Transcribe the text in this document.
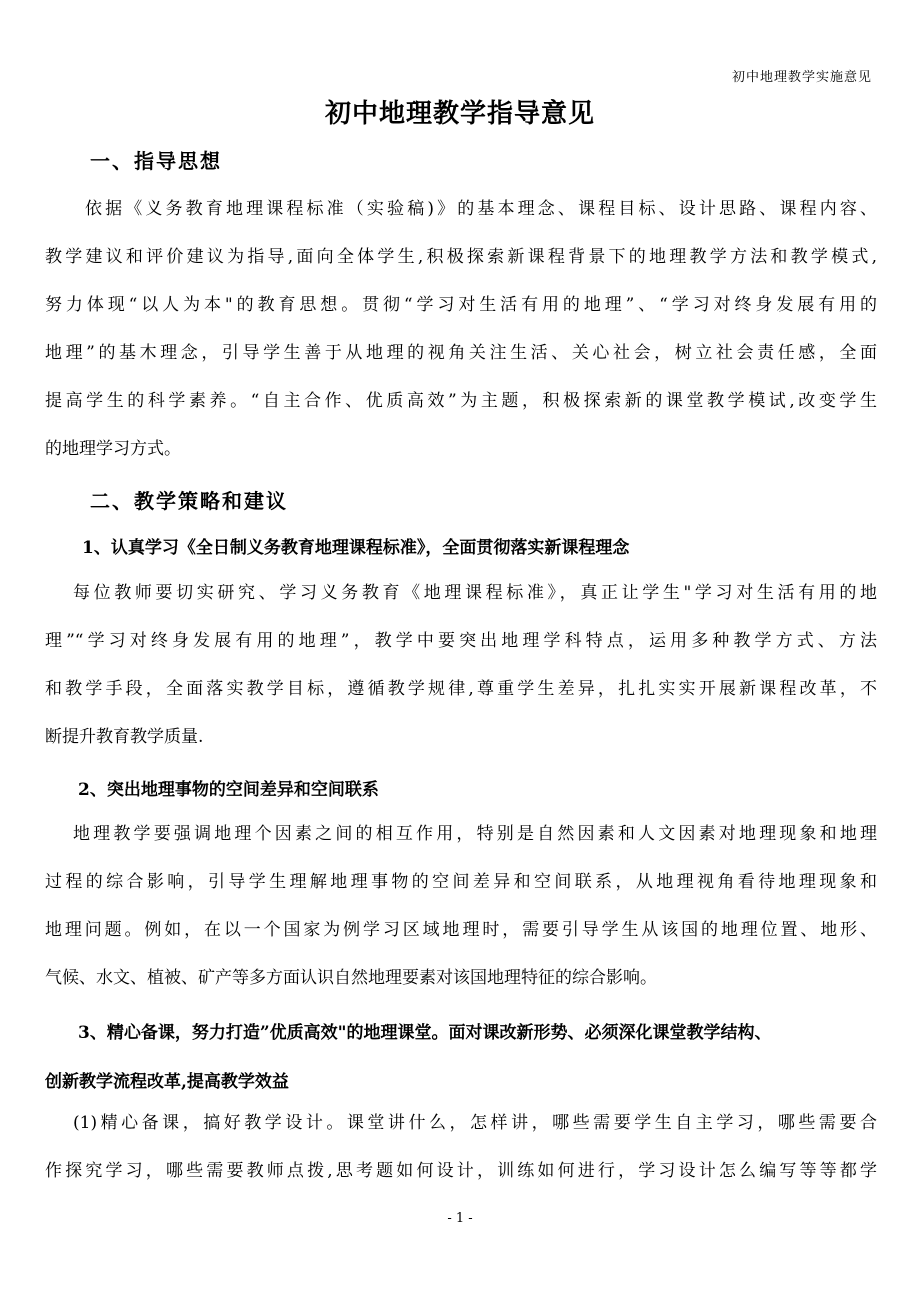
初中地理教学实施意见
初中地理教学指导意见
一、指导思想
依据《义务教育地理课程标准（实验稿)》的基本理念、课程目标、设计思路、课程内容、
教学建议和评价建议为指导,面向全体学生,积极探索新课程背景下的地理教学方法和教学模式,
努力体现“以人为本"的教育思想。贯彻“学习对生活有用的地理”、“学习对终身发展有用的
地理”的基木理念，引导学生善于从地理的视角关注生活、关心社会，树立社会责任感，全面
提高学生的科学素养。“自主合作、优质高效”为主题，积极探索新的课堂教学模试,改变学生
的地理学习方式。
二、教学策略和建议
1、认真学习《全日制义务教育地理课程标准》，全面贯彻落实新课程理念
每位教师要切实研究、学习义务教育《地理课程标准》，真正让学生"学习对生活有用的地
理”“学习对终身发展有用的地理”，教学中要突出地理学科特点，运用多种教学方式、方法
和教学手段，全面落实教学目标，遵循教学规律,尊重学生差异，扎扎实实开展新课程改革，不
断提升教育教学质量.
2、突出地理事物的空间差异和空间联系
地理教学要强调地理个因素之间的相互作用，特别是自然因素和人文因素对地理现象和地理
过程的综合影响，引导学生理解地理事物的空间差异和空间联系，从地理视角看待地理现象和
地理问题。例如，在以一个国家为例学习区域地理时，需要引导学生从该国的地理位置、地形、
气候、水文、植被、矿产等多方面认识自然地理要素对该国地理特征的综合影响。
3、精心备课，努力打造”优质高效"的地理课堂。面对课改新形势、必须深化课堂教学结构、
创新教学流程改革,提高教学效益
(1)精心备课，搞好教学设计。课堂讲什么，怎样讲，哪些需要学生自主学习，哪些需要合
作探究学习，哪些需要教师点拨,思考题如何设计，训练如何进行，学习设计怎么编写等等都学
- 1 -
